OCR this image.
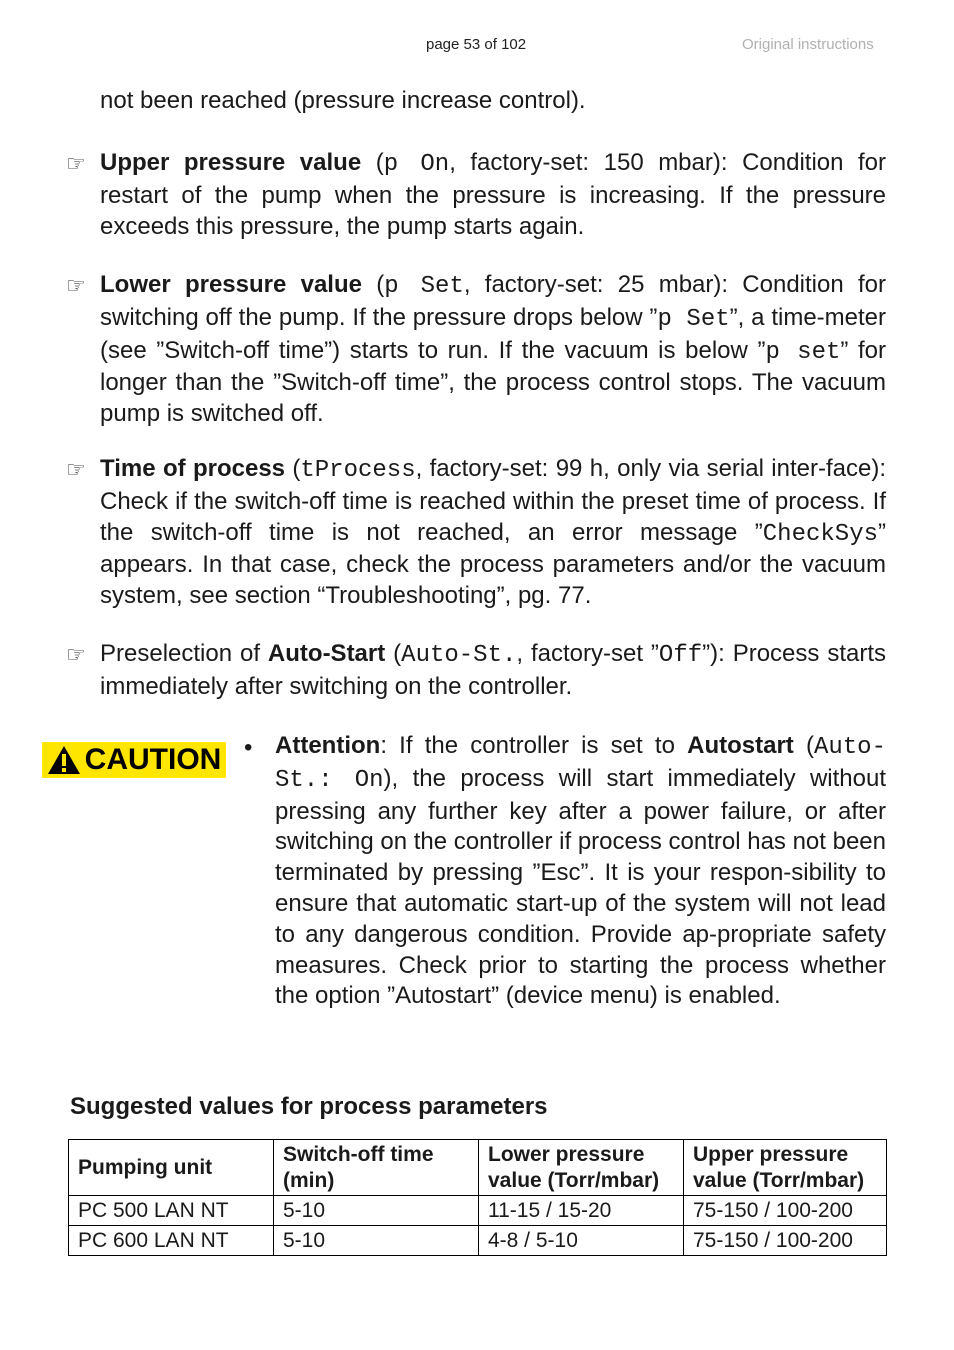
page 53 of 102	Original instructions

not been reached (pressure increase control).

☞ Upper pressure value (p On, factory-set: 150 mbar): Condition for restart of the pump when the pressure is increasing. If the pressure exceeds this pressure, the pump starts again.

☞ Lower pressure value (p Set, factory-set: 25 mbar): Condition for switching off the pump. If the pressure drops below ”p Set”, a time-meter (see ”Switch-off time”) starts to run. If the vacuum is below ”p set” for longer than the ”Switch-off time”, the process control stops. The vacuum pump is switched off.

☞ Time of process (tProcess, factory-set: 99 h, only via serial inter-face): Check if the switch-off time is reached within the preset time of process. If the switch-off time is not reached, an error message ”CheckSys” appears. In that case, check the process parameters and/or the vacuum system, see section “Troubleshooting”, pg. 77.

☞ Preselection of Auto-Start (Auto-St., factory-set ”Off”): Process starts immediately after switching on the controller.

CAUTION • Attention: If the controller is set to Autostart (Auto-St.: On), the process will start immediately without pressing any further key after a power failure, or after switching on the controller if process control has not been terminated by pressing ”Esc”. It is your respon-sibility to ensure that automatic start-up of the system will not lead to any dangerous condition. Provide ap-propriate safety measures. Check prior to starting the process whether the option ”Autostart” (device menu) is enabled.

Suggested values for process parameters
Pumping unit	Switch-off time (min)	Lower pressure value (Torr/mbar)	Upper pressure value (Torr/mbar)
PC 500 LAN NT	5-10	11-15 / 15-20	75-150 / 100-200
PC 600 LAN NT	5-10	4-8 / 5-10	75-150 / 100-200
